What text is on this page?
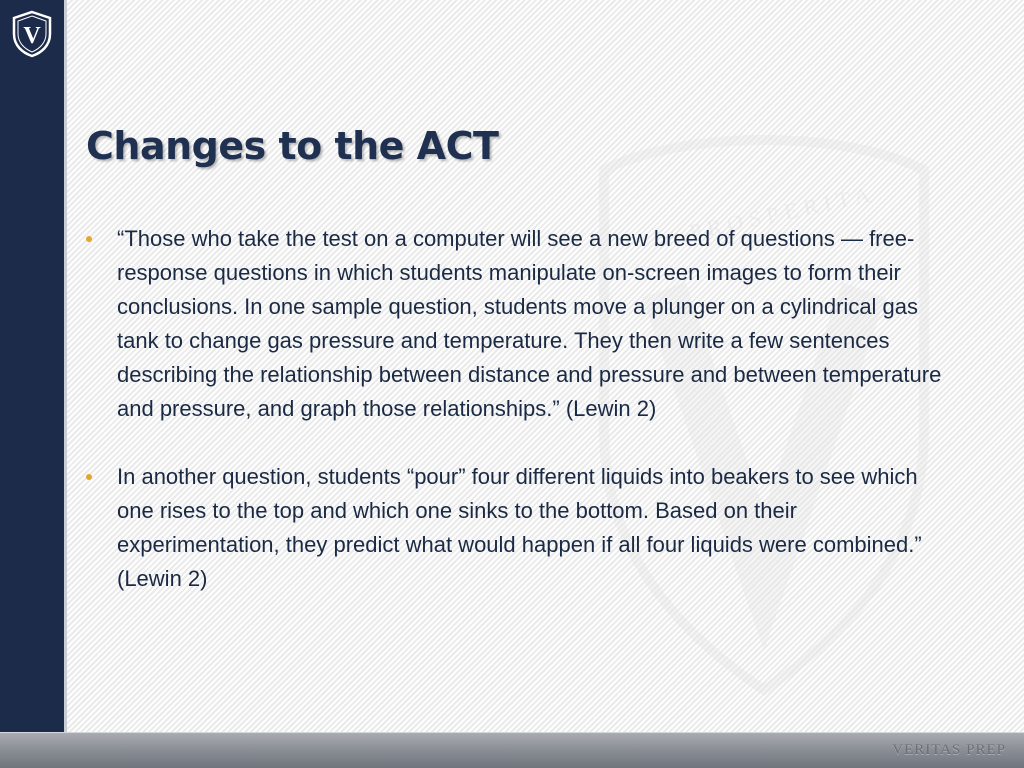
V
PROSPERITA
Changes to the ACT
“Those who take the test on a computer will see a new breed of questions — free-response questions in which students manipulate on-screen images to form their conclusions. In one sample question, students move a plunger on a cylindrical gas tank to change gas pressure and temperature. They then write a few sentences describing the relationship between distance and pressure and between temperature and pressure, and graph those relationships.” (Lewin 2)
In another question, students “pour” four different liquids into beakers to see which one rises to the top and which one sinks to the bottom. Based on their experimentation, they predict what would happen if all four liquids were combined.” (Lewin 2)
VERITAS PREP
